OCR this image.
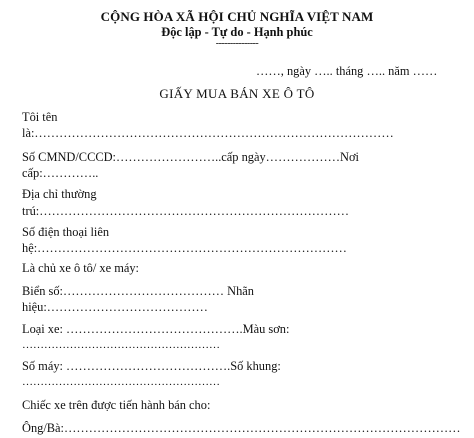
CỘNG HÒA XÃ HỘI CHỦ NGHĨA VIỆT NAM
Độc lập - Tự do - Hạnh phúc
---------------
……, ngày ….. tháng ….. năm ……
GIẤY MUA BÁN XE Ô TÔ
Tôi tên
là:……………………………………………………………………………
Số CMND/CCCD:……………………..cấp ngày………………Nơi
cấp:…………..
Địa chỉ thường
trú:…………………………………………………………………
Số điện thoại liên
hệ:…………………………………………………………………
Là chủ xe ô tô/ xe máy:
Biển số:………………………………… Nhãn
hiệu:…………………………………
Loại xe: …………………………………….Màu sơn:
………………………………………………
Số máy: ………………………………….Số khung:
………………………………………………
Chiếc xe trên được tiến hành bán cho:
Ông/Bà:……………………………………………………………………………………
